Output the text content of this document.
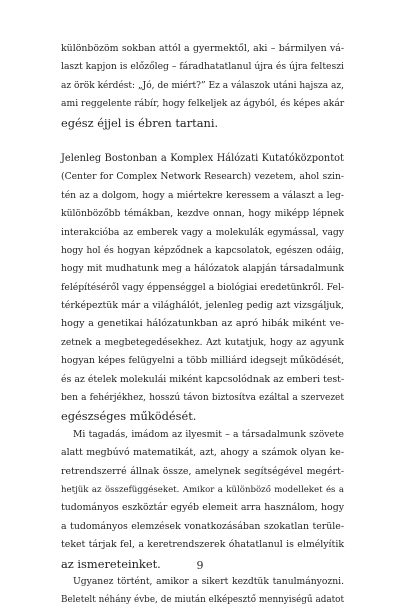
különbözöm sokban attól a gyermektől, aki – bármilyen vá-
laszt kapjon is előzőleg – fáradhatatlanul újra és újra felteszi
az örök kérdést: „Jó, de miért?” Ez a válaszok utáni hajsza az,
ami reggelente rábír, hogy felkeljek az ágyból, és képes akár
egész éjjel is ébren tartani.
Jelenleg Bostonban a Komplex Hálózati Kutatóközpontot
(Center for Complex Network Research) vezetem, ahol szin-
tén az a dolgom, hogy a miértekre keressem a választ a leg-
különbözőbb témákban, kezdve onnan, hogy miképp lépnek
interakcióba az emberek vagy a molekulák egymással, vagy
hogy hol és hogyan képződnek a kapcsolatok, egészen odáig,
hogy mit mudhatunk meg a hálózatok alapján társadalmunk
felépítéséről vagy éppenséggel a biológiai eredetünkről. Fel-
térképeztük már a világhálót, jelenleg pedig azt vizsgáljuk,
hogy a genetikai hálózatunkban az apró hibák miként ve-
zetnek a megbetegedésekhez. Azt kutatjuk, hogy az agyunk
hogyan képes felügyelni a több milliárd idegsejt működését,
és az ételek molekulái miként kapcsolódnak az emberi test-
ben a fehérjékhez, hosszú távon biztosítva ezáltal a szervezet
egészséges működését.
Mi tagadás, imádom az ilyesmit – a társadalmunk szövete
alatt megbúvó matematikát, azt, ahogy a számok olyan ke-
retrendszerré állnak össze, amelynek segítségével megért-
hetjük az összefüggéseket. Amikor a különböző modelleket és a
tudományos eszköztár egyéb elemeit arra használom, hogy
a tudományos elemzések vonatkozásában szokatlan terüle-
teket tárjak fel, a keretrendszerek óhatatlanul is elmélyítik
az ismereteinket.
Ugyanez történt, amikor a sikert kezdtük tanulmányozni.
Beletelt néhány évbe, de miután elképesztő mennyiségű adatot
9
